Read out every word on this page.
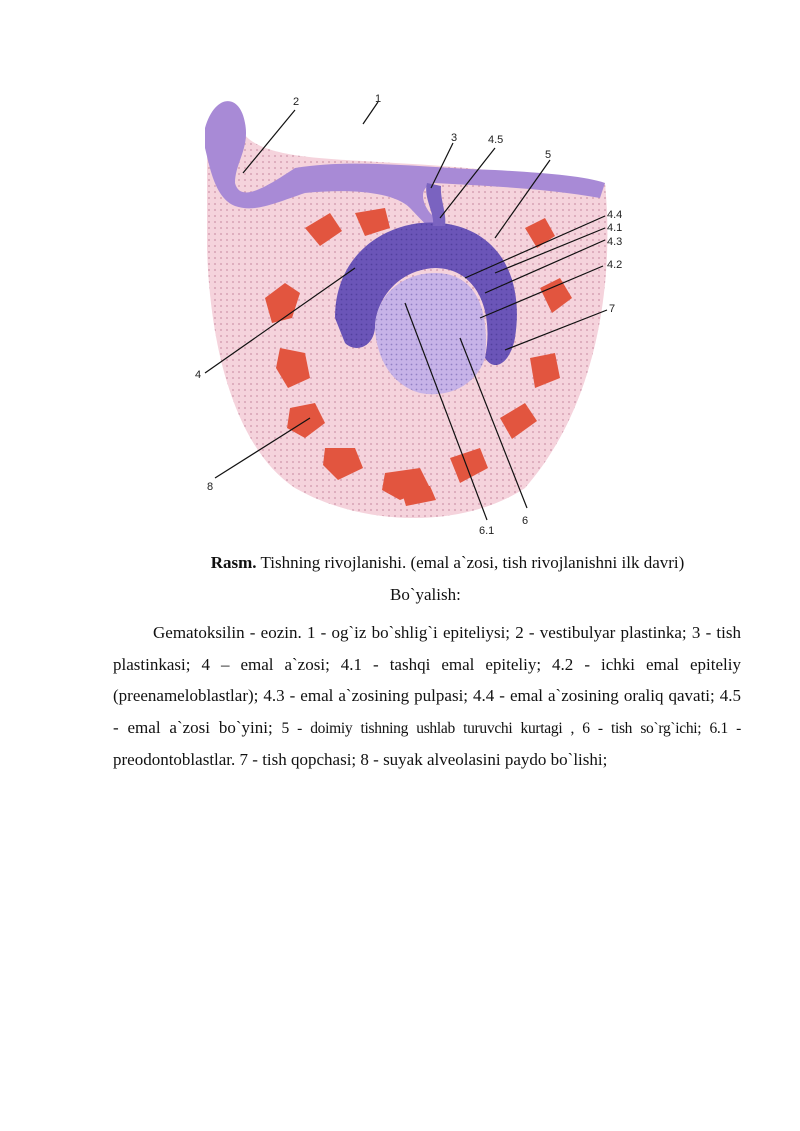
1
2
3	4.5
5
4.4
4.1
4.3
4.2
7
4
8
6.1
6
Rasm. Tishning rivojlanishi. (emal a`zosi, tish rivojlanishni ilk davri)
Bo`yalish:
Gematoksilin - eozin. 1 - og`iz bo`shlig`i epiteliysi; 2 - vestibulyar plastinka; 3 - tish plastinkasi; 4 – emal a`zosi; 4.1 - tashqi emal epiteliy; 4.2 - ichki emal epiteliy (preenameloblastlar); 4.3 - emal a`zosining pulpasi; 4.4 - emal a`zosining oraliq qavati; 4.5 - emal a`zosi bo`yini; 5 - doimiy tishning ushlab turuvchi kurtagi , 6 - tish so`rg`ichi; 6.1 - preodontoblastlar. 7 - tish qopchasi; 8 - suyak alveolasini paydo bo`lishi;
